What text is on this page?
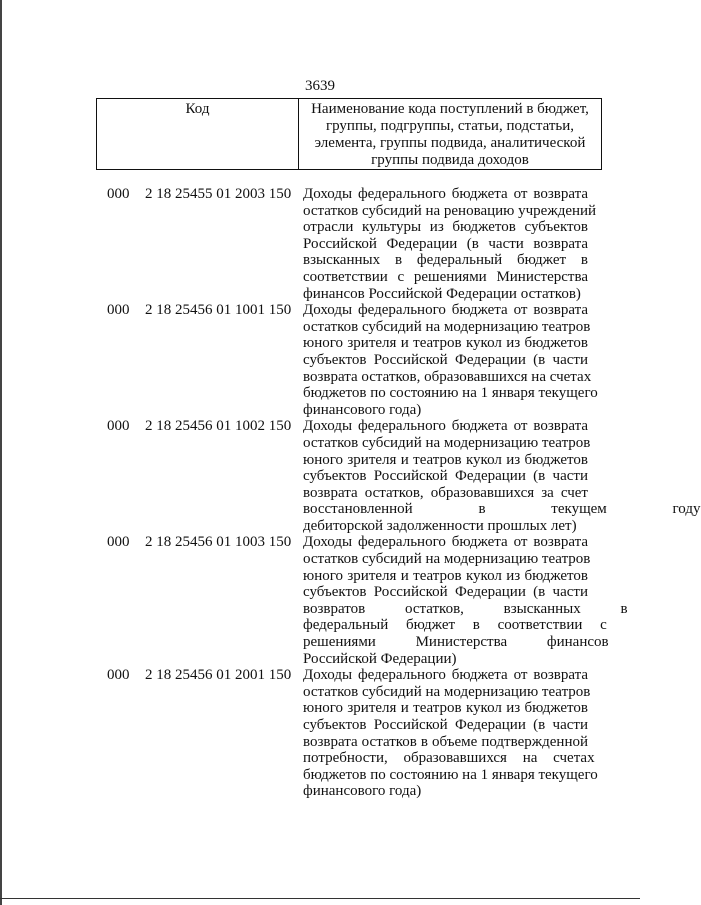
3639
Код	Наименование кода поступлений в бюджет,
группы, подгруппы, статьи, подстатьи,
элемента, группы подвида, аналитической
группы подвида доходов
000 2 18 25455 01 2003 150 Доходы федерального бюджета от возврата
остатков субсидий на реновацию учреждений
отрасли культуры из бюджетов субъектов
Российской Федерации (в части возврата
взысканных в федеральный бюджет в
соответствии с решениями Министерства
финансов Российской Федерации остатков)
000 2 18 25456 01 1001 150 Доходы федерального бюджета от возврата
остатков субсидий на модернизацию театров
юного зрителя и театров кукол из бюджетов
субъектов Российской Федерации (в части
возврата остатков, образовавшихся на счетах
бюджетов по состоянию на 1 января текущего
финансового года)
000 2 18 25456 01 1002 150 Доходы федерального бюджета от возврата
остатков субсидий на модернизацию театров
юного зрителя и театров кукол из бюджетов
субъектов Российской Федерации (в части
возврата остатков, образовавшихся за счет
восстановленной в текущем году
дебиторской задолженности прошлых лет)
000 2 18 25456 01 1003 150 Доходы федерального бюджета от возврата
остатков субсидий на модернизацию театров
юного зрителя и театров кукол из бюджетов
субъектов Российской Федерации (в части
возвратов остатков, взысканных в
федеральный бюджет в соответствии с
решениями Министерства финансов
Российской Федерации)
000 2 18 25456 01 2001 150 Доходы федерального бюджета от возврата
остатков субсидий на модернизацию театров
юного зрителя и театров кукол из бюджетов
субъектов Российской Федерации (в части
возврата остатков в объеме подтвержденной
потребности, образовавшихся на счетах
бюджетов по состоянию на 1 января текущего
финансового года)
